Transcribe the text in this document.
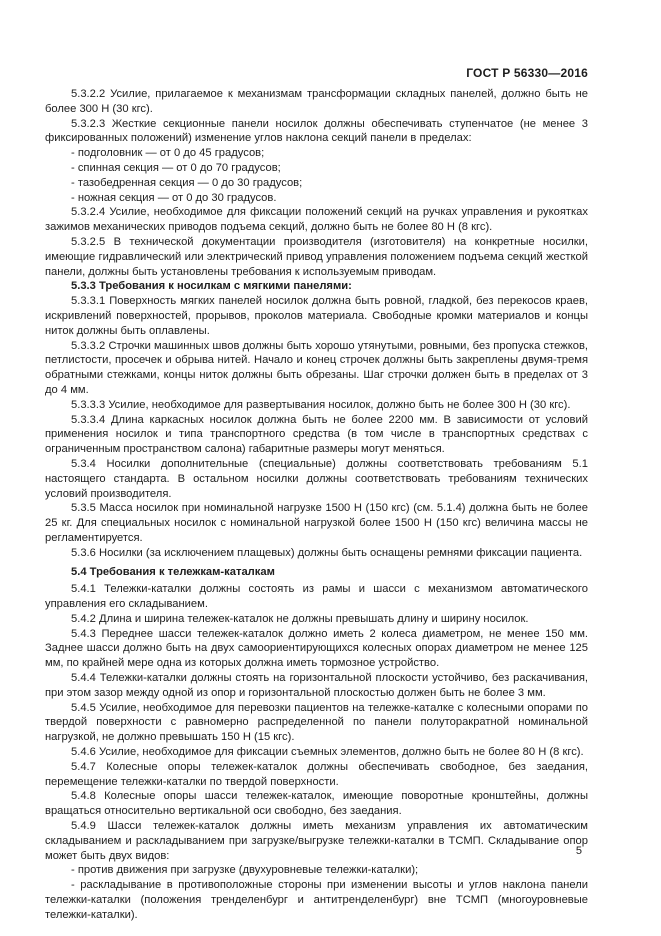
ГОСТ Р 56330—2016

5.3.2.2 Усилие, прилагаемое к механизмам трансформации складных панелей, должно быть не более 300 Н (30 кгс).

5.3.2.3 Жесткие секционные панели носилок должны обеспечивать ступенчатое (не менее 3 фиксированных положений) изменение углов наклона секций панели в пределах:

- подголовник — от 0 до 45 градусов;

- спинная секция — от 0 до 70 градусов;

- тазобедренная секция — 0 до 30 градусов;

- ножная секция — от 0 до 30 градусов.

5.3.2.4 Усилие, необходимое для фиксации положений секций на ручках управления и рукоятках зажимов механических приводов подъема секций, должно быть не более 80 Н (8 кгс).

5.3.2.5 В технической документации производителя (изготовителя) на конкретные носилки, имеющие гидравлический или электрический привод управления положением подъема секций жесткой панели, должны быть установлены требования к используемым приводам.

5.3.3 Требования к носилкам с мягкими панелями:

5.3.3.1 Поверхность мягких панелей носилок должна быть ровной, гладкой, без перекосов краев, искривлений поверхностей, прорывов, проколов материала. Свободные кромки материалов и концы ниток должны быть оплавлены.

5.3.3.2 Строчки машинных швов должны быть хорошо утянутыми, ровными, без пропуска стежков, петлистости, просечек и обрыва нитей. Начало и конец строчек должны быть закреплены двумя-тремя обратными стежками, концы ниток должны быть обрезаны. Шаг строчки должен быть в пределах от 3 до 4 мм.

5.3.3.3 Усилие, необходимое для развертывания носилок, должно быть не более 300 Н (30 кгс).

5.3.3.4 Длина каркасных носилок должна быть не более 2200 мм. В зависимости от условий применения носилок и типа транспортного средства (в том числе в транспортных средствах с ограниченным пространством салона) габаритные размеры могут меняться.

5.3.4 Носилки дополнительные (специальные) должны соответствовать требованиям 5.1 настоящего стандарта. В остальном носилки должны соответствовать требованиям технических условий производителя.

5.3.5 Масса носилок при номинальной нагрузке 1500 Н (150 кгс) (см. 5.1.4) должна быть не более 25 кг. Для специальных носилок с номинальной нагрузкой более 1500 Н (150 кгс) величина массы не регламентируется.

5.3.6 Носилки (за исключением плащевых) должны быть оснащены ремнями фиксации пациента.

5.4 Требования к тележкам-каталкам

5.4.1 Тележки-каталки должны состоять из рамы и шасси с механизмом автоматического управления его складыванием.

5.4.2 Длина и ширина тележек-каталок не должны превышать длину и ширину носилок.

5.4.3 Переднее шасси тележек-каталок должно иметь 2 колеса диаметром, не менее 150 мм. Заднее шасси должно быть на двух самоориентирующихся колесных опорах диаметром не менее 125 мм, по крайней мере одна из которых должна иметь тормозное устройство.

5.4.4 Тележки-каталки должны стоять на горизонтальной плоскости устойчиво, без раскачивания, при этом зазор между одной из опор и горизонтальной плоскостью должен быть не более 3 мм.

5.4.5 Усилие, необходимое для перевозки пациентов на тележке-каталке с колесными опорами по твердой поверхности с равномерно распределенной по панели полуторакратной номинальной нагрузкой, не должно превышать 150 Н (15 кгс).

5.4.6 Усилие, необходимое для фиксации съемных элементов, должно быть не более 80 Н (8 кгс).

5.4.7 Колесные опоры тележек-каталок должны обеспечивать свободное, без заедания, перемещение тележки-каталки по твердой поверхности.

5.4.8 Колесные опоры шасси тележек-каталок, имеющие поворотные кронштейны, должны вращаться относительно вертикальной оси свободно, без заедания.

5.4.9 Шасси тележек-каталок должны иметь механизм управления их автоматическим складыванием и раскладыванием при загрузке/выгрузке тележки-каталки в ТСМП. Складывание опор может быть двух видов:

- против движения при загрузке (двухуровневые тележки-каталки);

- раскладывание в противоположные стороны при изменении высоты и углов наклона панели тележки-каталки (положения тренделенбург и антитренделенбург) вне ТСМП (многоуровневые тележки-каталки).

5
